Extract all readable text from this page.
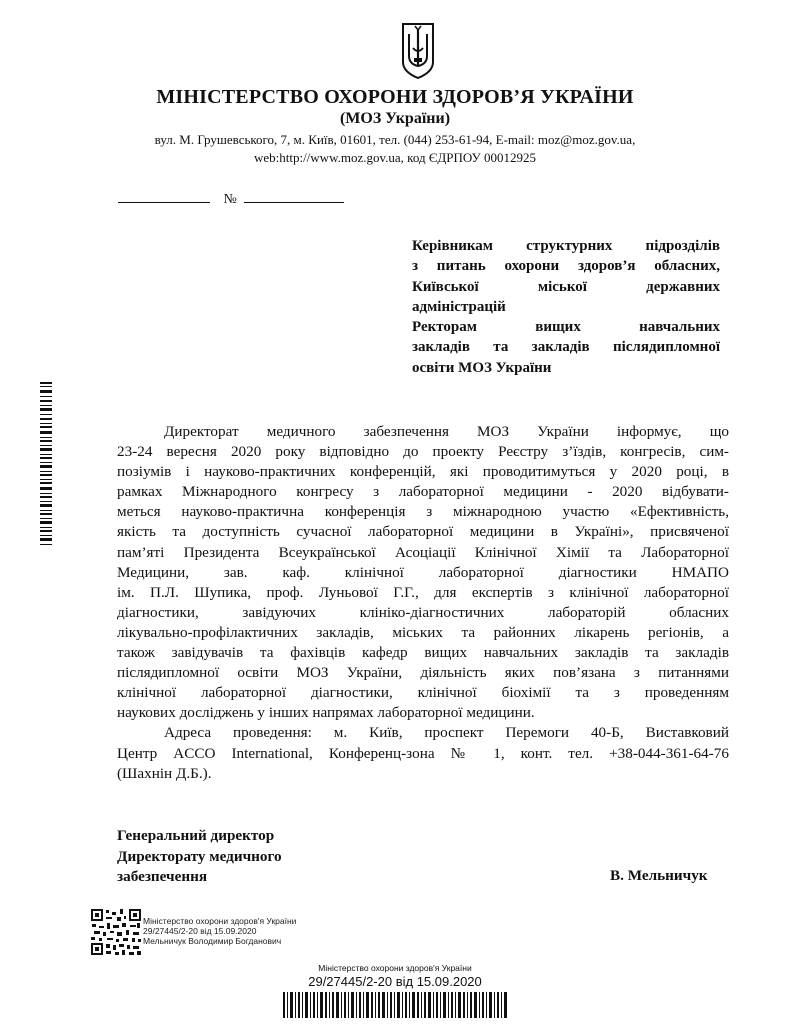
МІНІСТЕРСТВО ОХОРОНИ ЗДОРОВ’Я УКРАЇНИ
(МОЗ України)
вул. М. Грушевського, 7, м. Київ, 01601, тел. (044) 253-61-94, E-mail: moz@moz.gov.ua,
web:http://www.moz.gov.ua, код ЄДРПОУ 00012925
№
Керівникам структурних підрозділів
з питань охорони здоров’я обласних,
Київської міської державних
адміністрацій
Ректорам вищих навчальних
закладів та закладів післядипломної
освіти МОЗ України
Директорат медичного забезпечення МОЗ України інформує, що
23-24 вересня 2020 року відповідно до проекту Реєстру з’їздів, конгресів, сим-
позіумів і науково-практичних конференцій, які проводитимуться у 2020 році, в
рамках Міжнародного конгресу з лабораторної медицини - 2020 відбувати-
меться науково-практична конференція з міжнародною участю «Ефективність,
якість та доступність сучасної лабораторної медицини в Україні», присвяченої
пам’яті Президента Всеукраїнської Асоціації Клінічної Хімії та Лабораторної
Медицини, зав. каф. клінічної лабораторної діагностики НМАПО
ім. П.Л. Шупика, проф. Луньової Г.Г., для експертів з клінічної лабораторної
діагностики, завідуючих клініко-діагностичних лабораторій обласних
лікувально-профілактичних закладів, міських та районних лікарень регіонів, а
також завідувачів та фахівців кафедр вищих навчальних закладів та закладів
післядипломної освіти МОЗ України, діяльність яких пов’язана з питаннями
клінічної лабораторної діагностики, клінічної біохімії та з проведенням
наукових досліджень у інших напрямах лабораторної медицини.
Адреса проведення: м. Київ, проспект Перемоги 40-Б, Виставковий
Центр ACCO International, Конференц-зона № 1, конт. тел. +38-044-361-64-76
(Шахнін Д.Б.).
Генеральний директор
Директорату медичного
забезпечення	В. Мельничук
Міністерство охорони здоров'я України
29/27445/2-20 від 15.09.2020
Мельничук Володимир Богданович
Міністерство охорони здоров'я України
29/27445/2-20 від 15.09.2020
